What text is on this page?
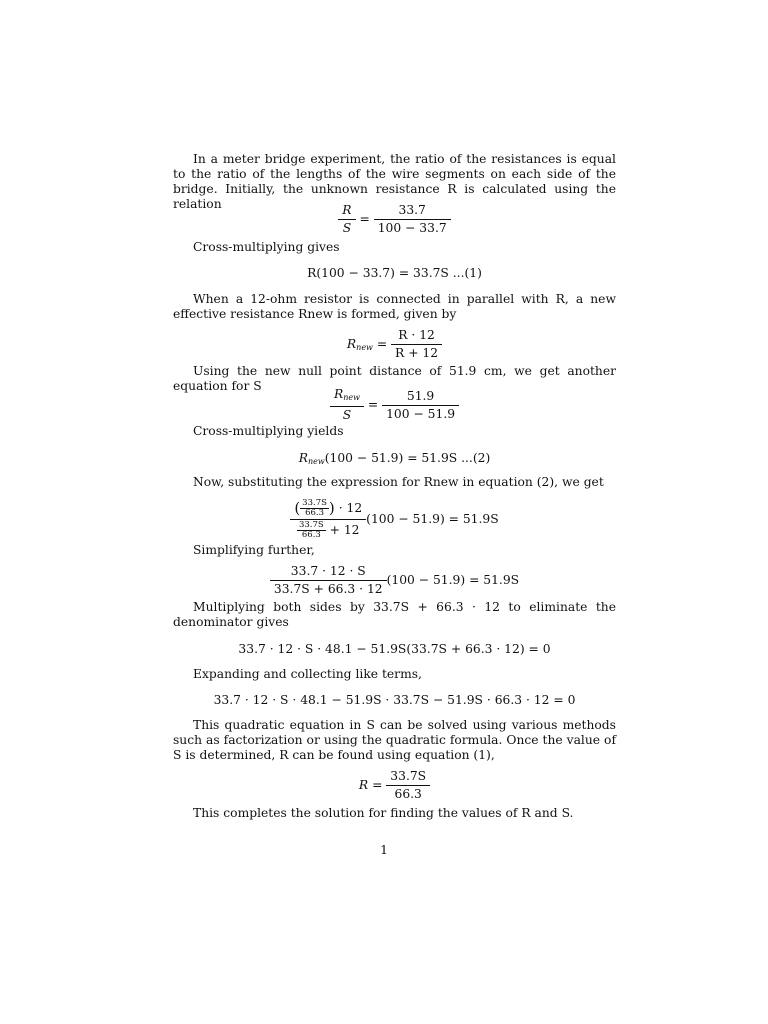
In a meter bridge experiment, the ratio of the resistances is equal to the ratio of the lengths of the wire segments on each side of the bridge. Initially, the unknown resistance R is calculated using the relation	$\frac{R}{S} = \frac{33.7}{100 - 33.7}$

Cross-multiplying gives

R(100 − 33.7) = 33.7S ...(1)

When a 12-ohm resistor is connected in parallel with R, a new effective resistance Rnew is formed, given by

$R_{new} = \frac{R \cdot 12}{R + 12}$

Using the new null point distance of 51.9 cm, we get another equation for S

$\frac{R_{new}}{S} = \frac{51.9}{100 - 51.9}$

Cross-multiplying yields

$R_{new}(100 - 51.9) = 51.9S$ ...(2)

Now, substituting the expression for Rnew in equation (2), we get

$\frac{( \frac{33.7S}{66.3} ) \cdot 12}{\frac{33.7S}{66.3} + 12} (100 - 51.9) = 51.9S$

Simplifying further,

$\frac{33.7 \cdot 12 \cdot S}{33.7S + 66.3 \cdot 12} (100 - 51.9) = 51.9S$

Multiplying both sides by 33.7S + 66.3 · 12 to eliminate the denominator gives

33.7 · 12 · S · 48.1 − 51.9S(33.7S + 66.3 · 12) = 0

Expanding and collecting like terms,

33.7 · 12 · S · 48.1 − 51.9S · 33.7S − 51.9S · 66.3 · 12 = 0

This quadratic equation in S can be solved using various methods such as factorization or using the quadratic formula. Once the value of S is determined, R can be found using equation (1),

$R = \frac{33.7S}{66.3}$

This completes the solution for finding the values of R and S.

1
